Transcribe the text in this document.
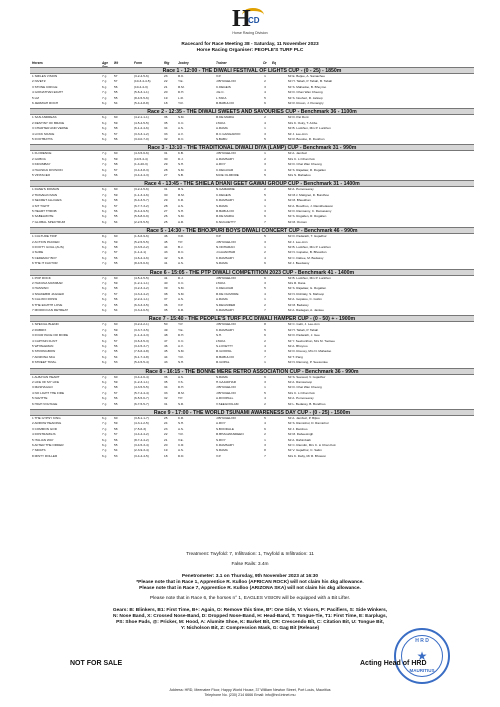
H
CD
Horse Racing Division
Racecard for Race Meeting 38 - Saturday, 11 November 2023
Horse Racing Organiser: PEOPLE'S TURF PLC
Horses	Age	Wt	Form	Rtg	Jockey	Trainer	Dr	Eq
Race 1 - 12:00 - THE DIWALI FESTIVAL OF LIGHTS CUP - (0 - 25) - 1850m
1 SMILES VISION	7 g	57	(3-2-4-5-6)	23	R.K.	V.P.	1	Mr E. Beljee, A. Samachee
2 NIVETZ	7 g	57	(10-3-4-4-5)	22	Y.E.	J.BHUGELOO	2	Mr H. Tabah, P. Tabah, B. Tabah
3 STONE CIRCLE	6 g	56	(10-4-4-3)	21	R.M.	C.DEGEIS	3	Mr S. Mahadoo, B. Bhoyroo
4 GIONATHAN EIGHT	7 g	55	(5-6-3-1-1)	20	D.H.	J.E.C.	4	Mr D. Chan Wan Cheong
5 LIZ	7 g	55	(8-4-5-5-6)	19	L.R.	L.TAKA	5	Mr S. Nooheri, R. Jaltoop
6 JERMIAH ROCH	6 g	54	(5-4-4-8-8)	18	Y.R.	R.BABULOO	6	Mr R. Rosun, J. Penangry
Race 2 - 12:35 - THE DIWALI SWEETS AND SAVOURIES CUP - Benchmark 36 - 1100m
1 SAN ANDREAS	6 g	60	(4-2-1-1-1)	36	S.M.	R.DE MARIA	2	Mr D. Pat Ront
2 DESTINY OF BRAVE	6 g	59	(4-5-4-5-5)	35	C.C.	LTAKA	4	Mrs K. Ooky, T. Azibe
3 CHARTER AND VERSE	6 g	58	(6-1-2-4-6)	34	A.S.	A.RAMA	1	Mr B. Luckhun, Mrs P. Luckhun
4 LOCK SOAVE	5 g	57	(3-3-3-1-2)	33	A.V.	R.C.GANGAROO	3	Mr J. Lee-Ann
5 FOOTBATTA	6 g	56	(3-0-0-7-0)	32	D.C.	S.BABU	5	Mr R. Boodoo, R. Doothun
Race 3 - 13:10 - THE TRADITIONAL DIWALI DIYA (LAMP) CUP - Benchmark 31 - 990m
1 FLORENCE	7 g	60	(4-3-5-6-6)	31	K.B.	J.BHUGELOO	1	Mr A. Jamburi
2 GUBOA	6 g	59	(10-5-4-4)	30	D.J.	A.RAMSARY	2	Mrs C. Li Chan Kok
3 KIRUMBAY	7 g	58	(1-4-20-3)	29	S.H.	A.ROY	3	Mr D. Chat Wan Cheong
4 HAUSKAI DIVISION	6 g	57	(3-4-3-8-3)	28	S.M.	C.DEGUIAR	4	Mr S. Rajadaw, R. Rogallen
5 VINTACEO	4 g	56	(3-4-4-4-3)	27	S.B.	M.DE OLIMORE	5	Mrs S. Mahadoo
Race 4 - 13:45 - THE SHIELA DHANI GEET GAWAI GROUP CUP - Benchmark 31 - 1400m
1 DANE'S DOMAIN	6 g	60	(3-2-4-5-6)	31	R.S.	N.GAMARDE	2	Mr A. Pomoneeray
2 TRAVELIN MAN	7 g	59	(1-1-3-4-6)	30	R.M.	C.DEGEIS	5	Mr M.J. Matignet, D. Bundhoo
3 SECRET ALLIGIES	6 g	58	(6-4-3-5-7)	29	K.R.	K.RAMSARY	4	Mr M. Bheekhan
4 SIT TIGHT	6 g	57	(6-7-7-3-2)	28	A.S.	S.RAMA	1	Mr A. Boodhoo, J. Ramkhelawon
5 HEART THROB	6 g	56	(6-4-4-9-5)	27	S.H.	R.BABULOO	3	Mr D. Ramsamy, C. Ramasamy
6 SABELMOTE	6 g	55	(5-6-8-6-9)	26	S.M.	R.DE MARIA	6	Mr S. Rogallen, R. Rogallen
7 GLOBAL SPECTRUM	6 g	54	(2-2-5-5-5)	25	A.R.	K.NUGUETTY	7	Mr M. Osman
Race 5 - 14:30 - THE BHOJPURI BOYS DIWALI CONCERT CUP - Benchmark 46 - 990m
1 CULTURE TRIP	8 g	60	(1-6-6-9-6)	46	V.R.	V.P.	5	Mr D. Padarath, T. Gujadhur
2 ACTION PACKED	6 g	59	(5-2-5-5-5)	45	T.P.	J.BHUGELOO	3	Mr J. Lee-Ann
3 FOOTY GOAL (AUS)	6 g	58	(3-3-5-2-2)	44	B.J.	N.ODHARAN	1	Mr B. Luckhun, Mrs P. Luckhun
4 SURE	7 g	57	(1-1-2-1)	43	D.C.	J.GAJADHAR	2	Mr N. Gopaloo, B. Bhowdun
5 CEDEMAY BOY	6 g	56	(4-6-4-4-6)	42	S.R.	K.RAMSARY	4	Mr C. Dabee, M. Bedassy
6 THE IT FACTOR	7 g	55	(8-4-5-6-6)	41	A.S.	S.RAMA	6	Mr J. Beedassy
Race 6 - 15:05 - THE PTP DIWALI COMPETITION 2023 CUP - Benchmark 41 - 1400m
1 POP ROCK	7 g	60	(4-5-4-5-5)	41	D.J.	J.BHUGELOO	6	Mr B. Luckhun, Mrs P. Luckhun
2 HAKUNA MATABAR	7 g	59	(1-2-1-1-1)	40	C.C.	LTAKA	3	Mrs R. Dana
3 HASSINO	6 g	58	(3-2-3-4-2)	39	S.M.	C.DEGUIAR	5	Mr S. Rajadaw, G. Rogallen
4 SNAKEBIR JAGGER	7 g	57	(4-3-4-4-2)	38	S.M.	R.DE OLIMORE	4	Mr N. Rohitaly, S. Mahoop
5 CALIXIO ROSSI	6 g	56	(2-2-2-1-1)	37	A.S.	A.RAMA	1	Mr A. Gopaloo, C. Gobin
6 THE EIGHTH LOVE	7 g	55	(6-3-3-3-5)	36	V.P.	S.DEGNIRER	2	Mr M. Bedassy
7 MOROCCAN RETREAT	6 g	54	(3-3-4-6-5)	35	K.R.	K.RAMSARY	7	Mr A. Radegan, A. Jankee
Race 7 - 15:40 - THE PEOPLE'S TURF PLC DIWALI HAMPER CUP - (0 - 50) + - 1900m
1 SPECIAL BLEND	7 g	60	(3-2-2-2-1)	50	Y.P.	J.BHUGELOO	8	Mr C. Gebi, J. Lee-Ann
2 RUBRIX	7 g	59	(3-3-7-3-5)	49	Y.E.	K.RAMSARY	5	Mr H. Tabah, P. Tabah
3 FOUR PACE OR MORE	6 g	58	(1-1-4-4-3)	48	D.H.	S.H.	6	Mr D. Padarath, J. Gee
4 CAPTAIN FLINT	6 g	57	(3-6-3-5-3)	47	C.C.	LTAKA	2	Mr Y. Seebunlhun, Mrs M. Toolsee
5 WHISLEMAN	6 g	56	(3-4-5-3-7)	46	A.V.	S.LOVETTY	4	Mr A. Bhoyroo
6 STRONGBOW	7 g	55	(7-6-6-4-8)	45	S.M.	R.GOOPAL	3	Mr D. Rouvey, Mrs N. Mahadoo
7 ARIZONA SKA	6 g	54	(6-1-7-4-8)	44	Y.R.	R.BABULOO	7	Mr T. Pang
8 STREET TRIAL	6 g	53	(5-4-5-5-4)	43	S.H.	R.GOPAL	1	Mr N. Ramong, P. Seesunlee
Race 8 - 16:15 - THE BONNE MERE RETRO ASSOCIATION CUP - Benchmark 36 - 990m
1 ALBAYAN HEART	7 g	60	(3-4-4-6-4)	36	A.S.	S.RAMA	6	Mr S. Seewud, V. Gujadhur
2 LIFE OF MY LIFE	6 g	59	(1-2-3-1-1)	35	V.S.	H.GAJADHAR	3	Mr A. Ramsaroop
3 MASHAGGO	7 g	58	(4-3-5-5-5)	34	D.H.	J.BHUGELOO	1	Mr D. Chat Wan Cheong
4 NO LIGHT THE FIRE	7 g	57	(5-7-4-4-4)	33	R.M.	J.BHUGELOO	5	Mrs C. Li Chan Kok
5 NAVITTE	6 g	56	(6-5-5-6-7)	32	T.P.	A.ROOPALL	4	Mr A. Pomoneeray
6 HIGH VOLTAGE	7 g	55	(6-7-5-5-7)	31	S.R.	V.SEEGOOLAM	2	Mr L. Bedassy, B. Bundhoo
Race 9 - 17:00 - THE WORLD TSUNAMI AWARENESS DAY CUP - (0 - 25) - 1500m
1 THE GYPSY KING	6 g	60	(3-8-1-1-7)	25	K.R.	J.BHUGELOO	5	Mr A. Jamburi, P. Bijloo
2 ARROW HEADING	7 g	59	(4-3-1-2-5)	24	S.H.	A.ROY	4	Mr S. Ramtohul, D. Ramtohul
3 COMMON GOD	7 g	58	(7-5-6-3)	23	A.S.	S.BOODALE	6	Mr J. Ramboo
4 DOSTRAMILIS	7 g	57	(4-4-4-4-2)	22	Y.R.	R.BHAGWANDEEN	2	Mr M. Dabeesingh
5 ITALIAN WAY	6 g	56	(8-7-4-4-2)	21	V.E.	S.ROY	1	Mr A. Rahimbaib
6 AFTER THE ORDER	6 g	55	(3-4-5-3-4)	20	C.R.	K.RAMSARY	3	Mr C. Ramdin, Mrs C. Li Chan Kok
7 SIRATS	7 g	54	(2-3-9-3-4)	19	A.S.	S.RAMA	8	Mr V. Gujadhur, C. Salim
8 MISTY ROLLER	6 g	53	(3-4-4-4-5)	18	D.D.	V.P.	7	Mrs K. Daby, Mr R. Bhowon
Treatment: Twyfold: 7, Infiltration: 1, Twyfold & Infiltration: 11
False Rails: 3.4m
Penetrometer: 3.1 on Thursday, 9th November 2023 at 16:30
*Please note that in Race 1, Apprentice R. Kulloo (AFRICAN ROCK) will not claim his 4kg allowance.
Please note that in Race 7, Apprentice R. Kulloo (ARIZONA SKA) will not claim his 4kg allowance.
Please note that in Race 6, the horses n° 1, EAGLES VISION will be equipped with a Bit Lifter.
Gears: B: Blinkers, B1: First Time, B+: Again, O: Remove this time, B*: One Side, V: Visors, P: Pacifiers, S: Side Winkers,
N: Nose Band, X: Crossed Nose-Band, D: Dropped Nose-Band, H: Head-Band, T: Tongue-Tie, T1: First Time, E: Earplugs,
PS: Shoe Pads, @: Pricker, M: Hood, A: Alumite Shoe, K: Barket Bit, CR: Crescendo Bit, C: Citation Bit, U: Tongue Bit,
Y: Nicholson Bit, Z: Compression Mask, G: Gag Bit (Release)
H R D
★
MAURITIUS
NOT FOR SALE	Acting Head of HRD
Address: HRD, Meenatee Floor, Happy World House, 37 William Newton Street, Port Louis, Mauritius
Telephone No. (230) 214 6666 Email: info@hrd.intnet.mu
